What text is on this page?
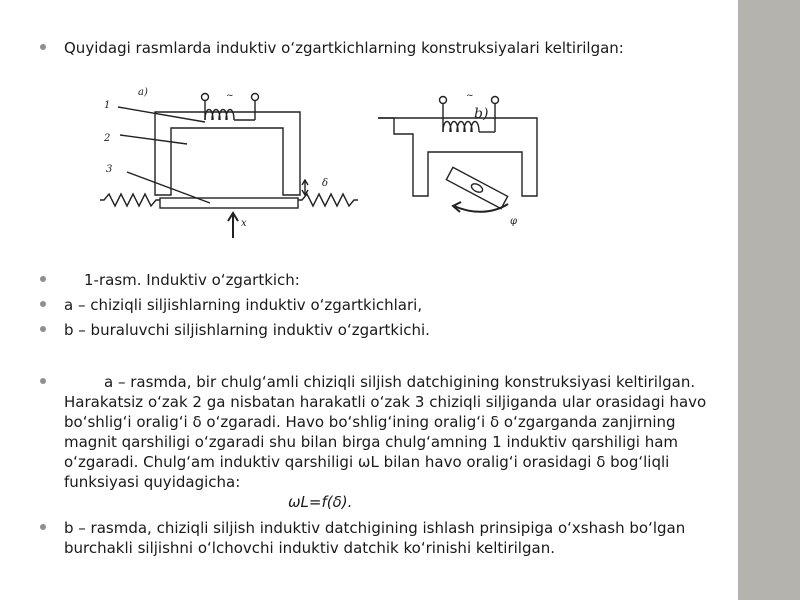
Quyidagi rasmlarda induktiv oʻzgartkichlarning konstruksiyalari keltirilgan:
a)
1
2
3
~
δ
x
b)
~
φ
1-rasm. Induktiv oʻzgartkich:
a – chiziqli siljishlarning induktiv oʻzgartkichlari,
b – buraluvchi siljishlarning induktiv oʻzgartkichi.
a – rasmda, bir chulgʻamli chiziqli siljish datchigining konstruksiyasi keltirilgan.
Harakatsiz oʻzak 2 ga nisbatan harakatli oʻzak 3 chiziqli siljiganda ular orasidagi havo
boʻshligʻi oraligʻi δ oʻzgaradi. Havo boʻshligʻining oraligʻi δ oʻzgarganda zanjirning
magnit qarshiligi oʻzgaradi shu bilan birga chulgʻamning 1 induktiv qarshiligi ham
oʻzgaradi. Chulgʻam induktiv qarshiligi ωL bilan havo oraligʻi orasidagi δ bogʻliqli
funksiyasi quyidagicha:
ωL=f(δ).
b – rasmda, chiziqli siljish induktiv datchigining ishlash prinsipiga oʻxshash boʻlgan
burchakli siljishni oʻlchovchi induktiv datchik koʻrinishi keltirilgan.
